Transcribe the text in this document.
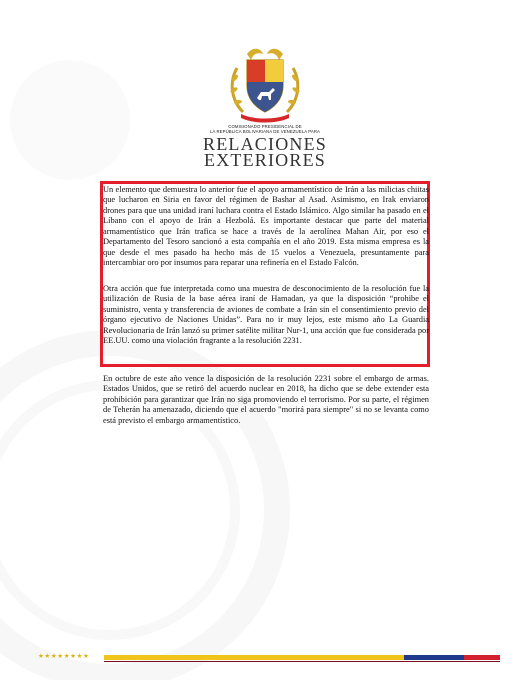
COMISIONADO PRESIDENCIAL DE
LA REPÚBLICA BOLIVARIANA DE VENEZUELA PARA
RELACIONES
EXTERIORES

Un elemento que demuestra lo anterior fue el apoyo armamentístico de Irán a las milicias chiitas que lucharon en Siria en favor del régimen de Bashar al Asad. Asimismo, en Irak enviaron drones para que una unidad iraní luchara contra el Estado Islámico. Algo similar ha pasado en el Líbano con el apoyo de Irán a Hezbolá. Es importante destacar que parte del material armamentístico que Irán trafica se hace a través de la aerolínea Mahan Air, por eso el Departamento del Tesoro sancionó a esta compañía en el año 2019. Esta misma empresa es la que desde el mes pasado ha hecho más de 15 vuelos a Venezuela, presuntamente para intercambiar oro por insumos para reparar una refinería en el Estado Falcón.

Otra acción que fue interpretada como una muestra de desconocimiento de la resolución fue la utilización de Rusia de la base aérea iraní de Hamadan, ya que la disposición “prohibe el suministro, venta y transferencia de aviones de combate a Irán sin el consentimiento previo del órgano ejecutivo de Naciones Unidas”. Para no ir muy lejos, este mismo año La Guardia Revolucionaria de Irán lanzó su primer satélite militar Nur-1, una acción que fue considerada por EE.UU. como una violación fragrante a la resolución 2231.

En octubre de este año vence la disposición de la resolución 2231 sobre el embargo de armas. Estados Unidos, que se retiró del acuerdo nuclear en 2018, ha dicho que se debe extender esta prohibición para garantizar que Irán no siga promoviendo el terrorismo. Por su parte, el régimen de Teherán ha amenazado, diciendo que el acuerdo "morirá para siempre" si no se levanta como está previsto el embargo armamentístico.

★★★★★★★★
